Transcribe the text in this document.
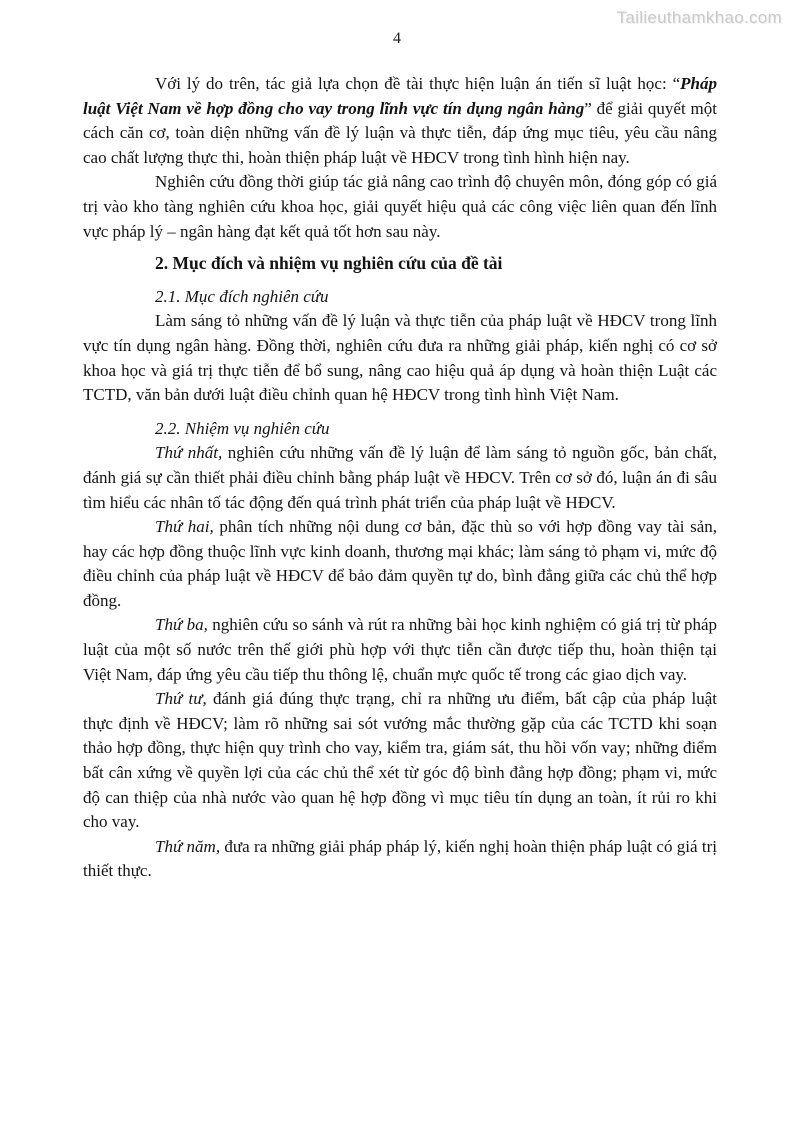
Tailieuthamkhao.com
4
Với lý do trên, tác giả lựa chọn đề tài thực hiện luận án tiến sĩ luật học: “Pháp luật Việt Nam về hợp đồng cho vay trong lĩnh vực tín dụng ngân hàng” để giải quyết một cách căn cơ, toàn diện những vấn đề lý luận và thực tiễn, đáp ứng mục tiêu, yêu cầu nâng cao chất lượng thực thi, hoàn thiện pháp luật về HĐCV trong tình hình hiện nay.
Nghiên cứu đồng thời giúp tác giả nâng cao trình độ chuyên môn, đóng góp có giá trị vào kho tàng nghiên cứu khoa học, giải quyết hiệu quả các công việc liên quan đến lĩnh vực pháp lý – ngân hàng đạt kết quả tốt hơn sau này.
2. Mục đích và nhiệm vụ nghiên cứu của đề tài
2.1. Mục đích nghiên cứu
Làm sáng tỏ những vấn đề lý luận và thực tiễn của pháp luật về HĐCV trong lĩnh vực tín dụng ngân hàng. Đồng thời, nghiên cứu đưa ra những giải pháp, kiến nghị có cơ sở khoa học và giá trị thực tiễn để bổ sung, nâng cao hiệu quả áp dụng và hoàn thiện Luật các TCTD, văn bản dưới luật điều chỉnh quan hệ HĐCV trong tình hình Việt Nam.
2.2. Nhiệm vụ nghiên cứu
Thứ nhất, nghiên cứu những vấn đề lý luận để làm sáng tỏ nguồn gốc, bản chất, đánh giá sự cần thiết phải điều chỉnh bằng pháp luật về HĐCV. Trên cơ sở đó, luận án đi sâu tìm hiểu các nhân tố tác động đến quá trình phát triển của pháp luật về HĐCV.
Thứ hai, phân tích những nội dung cơ bản, đặc thù so với hợp đồng vay tài sản, hay các hợp đồng thuộc lĩnh vực kinh doanh, thương mại khác; làm sáng tỏ phạm vi, mức độ điều chỉnh của pháp luật về HĐCV để bảo đảm quyền tự do, bình đẳng giữa các chủ thể hợp đồng.
Thứ ba, nghiên cứu so sánh và rút ra những bài học kinh nghiệm có giá trị từ pháp luật của một số nước trên thế giới phù hợp với thực tiễn cần được tiếp thu, hoàn thiện tại Việt Nam, đáp ứng yêu cầu tiếp thu thông lệ, chuẩn mực quốc tế trong các giao dịch vay.
Thứ tư, đánh giá đúng thực trạng, chỉ ra những ưu điểm, bất cập của pháp luật thực định về HĐCV; làm rõ những sai sót vướng mắc thường gặp của các TCTD khi soạn thảo hợp đồng, thực hiện quy trình cho vay, kiểm tra, giám sát, thu hồi vốn vay; những điểm bất cân xứng về quyền lợi của các chủ thể xét từ góc độ bình đẳng hợp đồng; phạm vi, mức độ can thiệp của nhà nước vào quan hệ hợp đồng vì mục tiêu tín dụng an toàn, ít rủi ro khi cho vay.
Thứ năm, đưa ra những giải pháp pháp lý, kiến nghị hoàn thiện pháp luật có giá trị thiết thực.
